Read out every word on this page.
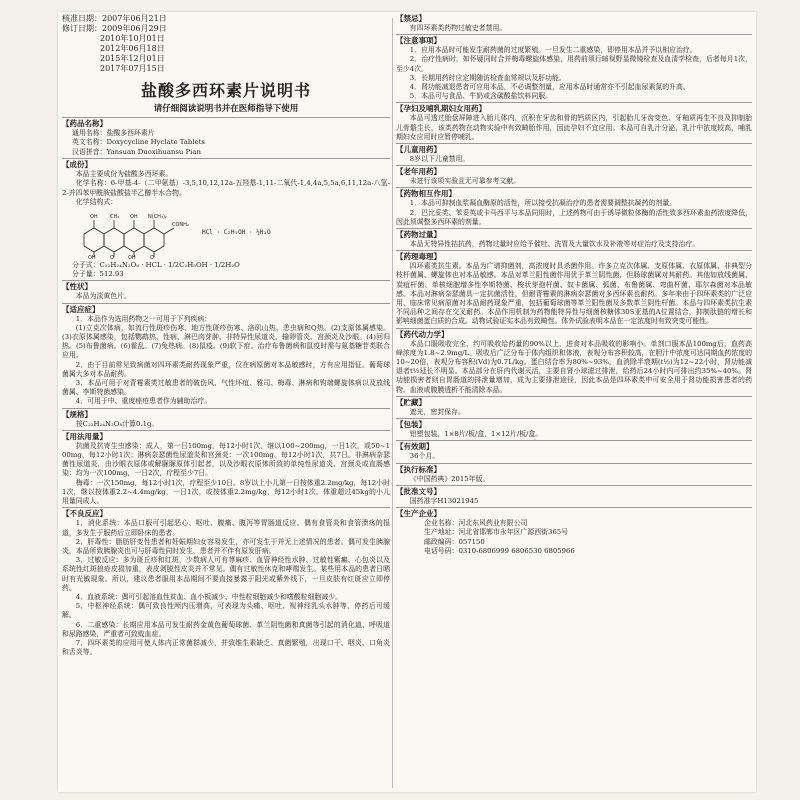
核准日期：2007年06月21日
修订日期：2009年06月29日
2010年10月01日
2012年06月18日
2015年12月01日
2017年07月15日
盐酸多西环素片说明书
请仔细阅读说明书并在医师指导下使用
【药品名称】
通用名称：盐酸多西环素片
英文名称：Doxycycline Hyclate Tablets
汉语拼音：Yansuan Duoxihuansu Pian
【成份】
本品主要成份为盐酸多西环素。
化学名称：6-甲基-4-（二甲氨基）-3,5,10,12,12a-五羟基-1,11-二氧代-1,4,4a,5,5a,6,11,12a-八氢-2-并四苯甲酰胺盐酸盐半乙醇半水合物。
化学结构式：
OH CH₃ OH N(CH₃)₂
CONH₂
OH	O	OH	O
HCl · C₂H₅OH · ½H₂O
分子式：C₂₂H₂₄N₂O₈ · HCL · 1/2C₂H₅OH · 1/2H₂O
分子量：512.93
【性状】
本品为淡黄色片。
【适应症】
1．本品作为选用药物之一可用于下列疾病：
(1)立克次体病，如流行性斑疹伤寒、地方性斑疹伤寒、洛矶山热、恙虫病和Q热。(2)支原体属感染。(3)衣原体属感染，包括鹦鹉热、性病、淋巴肉芽肿、非特异性尿道炎、输卵管炎、宫颈炎及沙眼。(4)回归热。(5)布鲁菌病。(6)霍乱。(7)兔热病。(8)鼠疫。(9)软下疳。治疗布鲁菌病和鼠疫时需与氨基糖苷类联合应用。
2．由于目前常见致病菌对四环素类耐药现象严重，仅在病原菌对本品敏感时，方有应用指征。葡萄球菌属大多对本品耐药。
3．本品可用于对青霉素类过敏患者的破伤风、气性坏疽、雅司、梅毒、淋病和钩端螺旋体病以及放线菌属、李斯特菌感染。
4．可用于中、重度痤疮患者作为辅助治疗。
【规格】
按C₂₂H₂₄N₂O₈计算0.1g。
【用法用量】
抗菌及抗寄生虫感染：成人，第一日100mg，每12小时1次，继以100~200mg，一日1次，或50~100mg，每12小时1次；淋病奈瑟菌性尿道炎和宫颈炎：一次100mg，每12小时1次，共7日。非淋病奈瑟菌性尿道炎，由沙眼衣原体或解脲脲原体引起者，以及沙眼衣原体所致的单纯性尿道炎、宫颈炎或直肠感染：均为一次100mg，一日2次，疗程至少7日。
梅毒：一次150mg，每12小时1次，疗程至少10日。8岁以上小儿第一日按体重2.2mg/kg，每12小时1次，继以按体重2.2~4.4mg/kg，一日1次，或按体重2.2mg/kg，每12小时1次。体重超过45kg的小儿用量同成人。
【不良反应】
1．消化系统：本品口服可引起恶心、呕吐、腹痛、腹泻等胃肠道反应。偶有食管炎和食管溃疡的报道，多发生于服药后立即卧床的患者。
2．肝毒性：脂肪肝变性患者和妊娠期妇女容易发生，亦可发生于并无上述情况的患者。偶可发生胰腺炎，本品所致胰腺炎也可与肝毒性同时发生，患者并不伴有原发肝病。
3．过敏反应：多为斑丘疹和红斑，少数病人可有荨麻疹、血管神经性水肿、过敏性紫癜、心包炎以及系统性红斑狼疮皮损加重，表皮剥脱性皮炎并不常见。偶有过敏性休克和哮喘发生。某些用本品的患者日晒时有光敏现象。所以，建议患者服用本品期间不要直接暴露于阳光或紫外线下，一旦皮肤有红斑应立即停药。
4．血液系统：偶可引起溶血性贫血、血小板减少、中性粒细胞减少和嗜酸粒细胞减少。
5．中枢神经系统：偶可致良性颅内压增高，可表现为头痛、呕吐、视神经乳头水肿等，停药后可缓解。
6．二重感染：长期应用本品可发生耐药金黄色葡萄球菌、革兰阴性菌和真菌等引起的消化道、呼吸道和尿路感染，严重者可致败血症。
7．四环素类的应用可使人体内正常菌群减少，并致维生素缺乏、真菌繁殖，出现口干、咽炎、口角炎和舌炎等。
【禁忌】
有四环素类药物过敏史者禁用。
【注意事项】
1．应用本品时可能发生耐药菌的过度繁殖。一旦发生二重感染，即停用本品并予以相应治疗。
2．治疗性病时，如怀疑同时合并梅毒螺旋体感染，用药前须行暗视野显微镜检查及血清学检查，后者每月1次，至少4次。
3．长期用药时应定期随访检查血常规以及肝功能。
4．肾功能减退患者可应用本品，不必调整剂量，应用本品时通常亦不引起血尿素氮的升高。
5．本品可与食品、牛奶或含碳酸盐饮料同服。
【孕妇及哺乳期妇女用药】
本品可透过胎盘屏障进入胎儿体内，沉积在牙齿和骨的钙质区内，引起胎儿牙齿变色、牙釉质再生不良及抑制胎儿骨骼生长，该类药物在动物实验中有致畸胎作用，因此孕妇不宜应用。本品可自乳汁分泌，乳汁中浓度较高，哺乳期妇女应用时应暂停哺乳。
【儿童用药】
8岁以下儿童禁用。
【老年用药】
未进行该项实验且无可靠参考文献。
【药物相互作用】
1．本品可抑制血浆凝血酶原的活性，所以接受抗凝治疗的患者需要调整抗凝药的剂量。
2．巴比妥类、苯妥英或卡马西平与本品同用时，上述药物可由于诱导微粒体酶的活性致多西环素血药浓度降低，因此须调整多西环素的剂量。
【药物过量】
本品无特异性拮抗药，药物过量时应给予催吐、洗胃及大量饮水及补液等对症治疗及支持治疗。
【药理毒理】
四环素类抗生素。本品为广谱抑菌剂，高浓度时具杀菌作用。许多立克次体属、支原体属、衣原体属、非典型分枝杆菌属、螺旋体也对本品敏感。本品对革兰阳性菌作用优于革兰阴性菌，但肠球菌属对其耐药。其他如放线菌属、炭疽杆菌、单核细胞增多性李斯特菌、梭状芽孢杆菌、奴卡菌属、弧菌、布鲁菌属、弯曲杆菌、耶尔森菌对本品敏感。本品对淋病奈瑟菌具一定抗菌活性，但耐青霉素的淋病奈瑟菌对多西环素也耐药。多年来由于四环素类的广泛应用，临床常见病原菌对本品耐药现象严重，包括葡萄球菌等革兰阳性菌及多数革兰阴性杆菌。本品与四环素类抗生素不同品种之间存在交叉耐药。本品作用机制为药物能特异性与细菌核糖体30S亚基的A位置结合，抑制肽链的增长和影响细菌蛋白质的合成。动物试验证实本品有致畸性。体外试验表明本品在一定浓度时有致突变可能性。
【药代动力学】
本品口服吸收完全，约可吸收给药量的90%以上，进食对本品吸收的影响小。单剂口服本品100mg后，血药高峰浓度为1.8~2.9mg/L。吸收后广泛分布于体内组织和体液，表观分布容积较高，在胆汁中浓度可达同期血药浓度的10~20倍，表观分布容积(Vd)为0.7L/kg。蛋白结合率为80%~93%。血消除半衰期(t½)为12~22小时，肾功能减退者t½延长不明显。本品部分在肝内代谢灭活，主要自肾小球滤过排泄，给药后24小时内可排出约35%~40%。肾功能损害者则自胃肠道的排泄量增加，成为主要排泄途径，因此本品是四环素类中可安全用于肾功能损害患者的药物。血液或腹膜透析不能清除本品。
【贮藏】
遮光，密封保存。
【包装】
铝塑包装，1×8片/板/盒，1×12片/板/盒。
【有效期】
36个月。
【执行标准】
《中国药典》2015年版。
【批准文号】
国药准字H13021945
【生产企业】
企业名称：河北东风药业有限公司
生产地址：河北省邯郸市永年区广源西街365号
邮政编码：057150
电话号码：0310-6806999 6806530 6805966
